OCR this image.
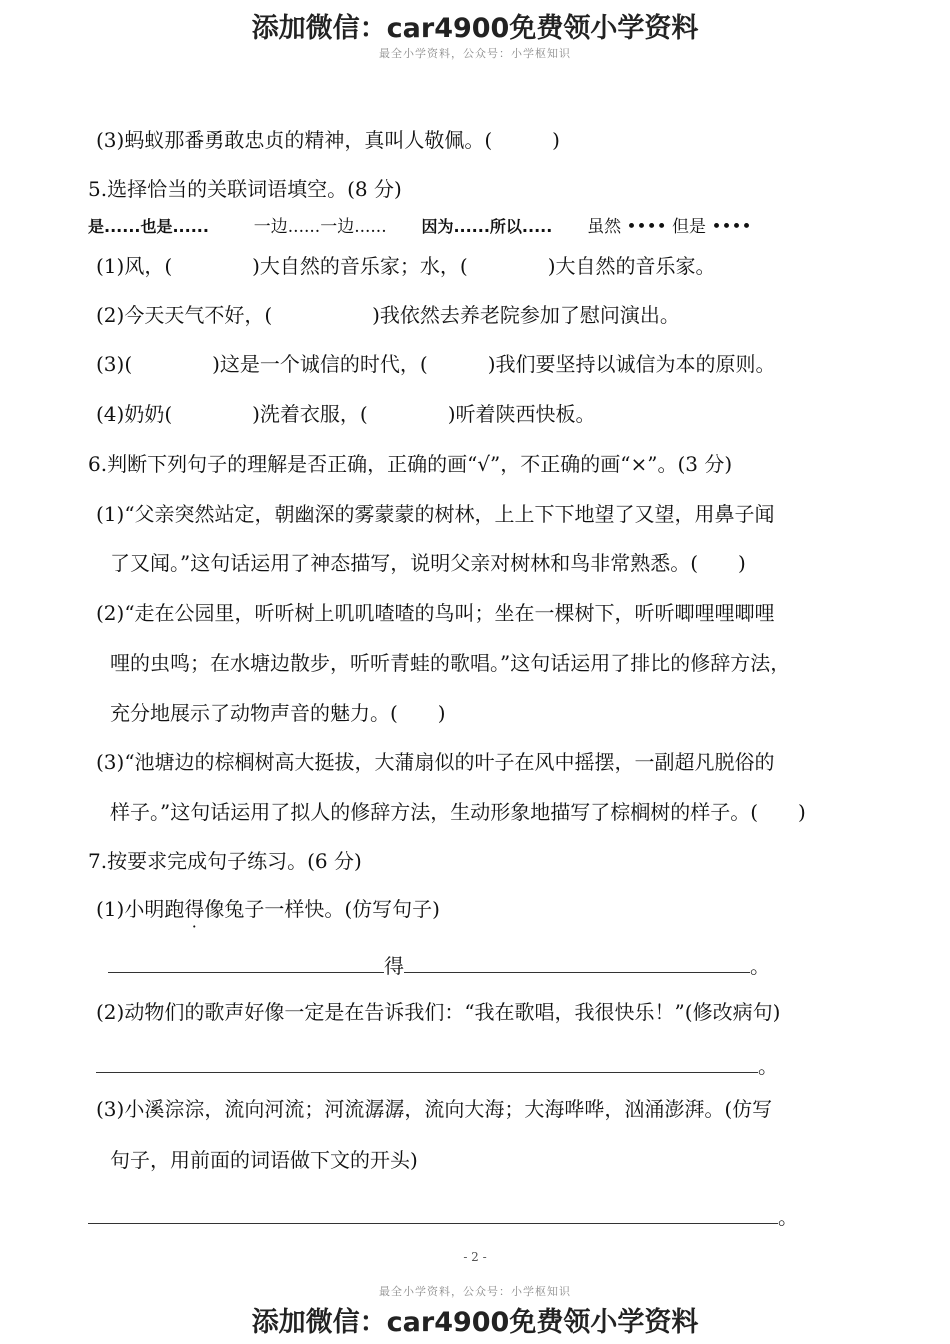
添加微信：car4900免费领小学资料
最全小学资料，公众号：小学枢知识
(3)蚂蚁那番勇敢忠贞的精神，真叫人敬佩。(　　　)
5.选择恰当的关联词语填空。(8 分)
是......也是......	一边......一边...... 因为......所以..... 虽然 •••• 但是 ••••
(1)风，(　　　　)大自然的音乐家；水，(　　　　)大自然的音乐家。
(2)今天天气不好，(　　　　　)我依然去养老院参加了慰问演出。
(3)(　　　　)这是一个诚信的时代，(　　　)我们要坚持以诚信为本的原则。
(4)奶奶(　　　　)洗着衣服，(　　　　)听着陕西快板。
6.判断下列句子的理解是否正确，正确的画“√”，不正确的画“×”。(3 分)
(1)“父亲突然站定，朝幽深的雾蒙蒙的树林，上上下下地望了又望，用鼻子闻
了又闻。”这句话运用了神态描写，说明父亲对树林和鸟非常熟悉。(　　)
(2)“走在公园里，听听树上叽叽喳喳的鸟叫；坐在一棵树下，听听唧哩哩唧哩
哩的虫鸣；在水塘边散步，听听青蛙的歌唱。”这句话运用了排比的修辞方法，
充分地展示了动物声音的魅力。(　　)
(3)“池塘边的棕榈树高大挺拔，大蒲扇似的叶子在风中摇摆，一副超凡脱俗的
样子。”这句话运用了拟人的修辞方法，生动形象地描写了棕榈树的样子。(　　)
7.按要求完成句子练习。(6 分)
(1)小明跑得像兔子一样快。(仿写句子)
得	。
(2)动物们的歌声好像一定是在告诉我们：“我在歌唱，我很快乐！”(修改病句)
。
(3)小溪淙淙，流向河流；河流潺潺，流向大海；大海哗哗，汹涌澎湃。(仿写
句子，用前面的词语做下文的开头)
。
- 2 -
最全小学资料，公众号：小学枢知识
添加微信：car4900免费领小学资料
